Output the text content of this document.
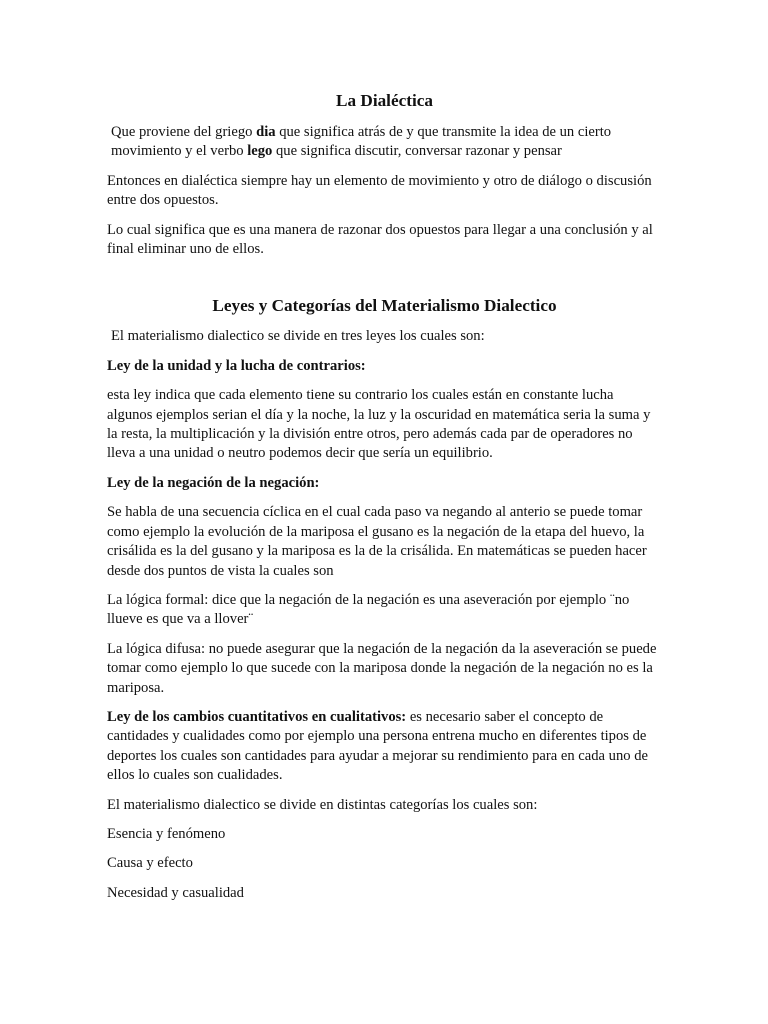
La Dialéctica

Que proviene del griego dia que significa atrás de y que transmite la idea de un cierto movimiento y el verbo lego que significa discutir, conversar razonar y pensar

Entonces en dialéctica siempre hay un elemento de movimiento y otro de diálogo o discusión entre dos opuestos.

Lo cual significa que es una manera de razonar dos opuestos para llegar a una conclusión y al final eliminar uno de ellos.

Leyes y Categorías del Materialismo Dialectico

El materialismo dialectico se divide en tres leyes los cuales son:

Ley de la unidad y la lucha de contrarios:

esta ley indica que cada elemento tiene su contrario los cuales están en constante lucha algunos ejemplos serian el día y la noche, la luz y la oscuridad en matemática seria la suma y la resta, la multiplicación y la división entre otros, pero además cada par de operadores no lleva a una unidad o neutro podemos decir que sería un equilibrio.

Ley de la negación de la negación:

Se habla de una secuencia cíclica en el cual cada paso va negando al anterio se puede tomar como ejemplo la evolución de la mariposa el gusano es la negación de la etapa del huevo, la crisálida es la del gusano y la mariposa es la de la crisálida. En matemáticas se pueden hacer desde dos puntos de vista la cuales son

La lógica formal: dice que la negación de la negación es una aseveración por ejemplo ¨no llueve es que va a llover¨

La lógica difusa: no puede asegurar que la negación de la negación da la aseveración se puede tomar como ejemplo lo que sucede con la mariposa donde la negación de la negación no es la mariposa.

Ley de los cambios cuantitativos en cualitativos: es necesario saber el concepto de cantidades y cualidades como por ejemplo una persona entrena mucho en diferentes tipos de deportes los cuales son cantidades para ayudar a mejorar su rendimiento para en cada uno de ellos lo cuales son cualidades.

El materialismo dialectico se divide en distintas categorías los cuales son:

Esencia y fenómeno

Causa y efecto

Necesidad y casualidad
